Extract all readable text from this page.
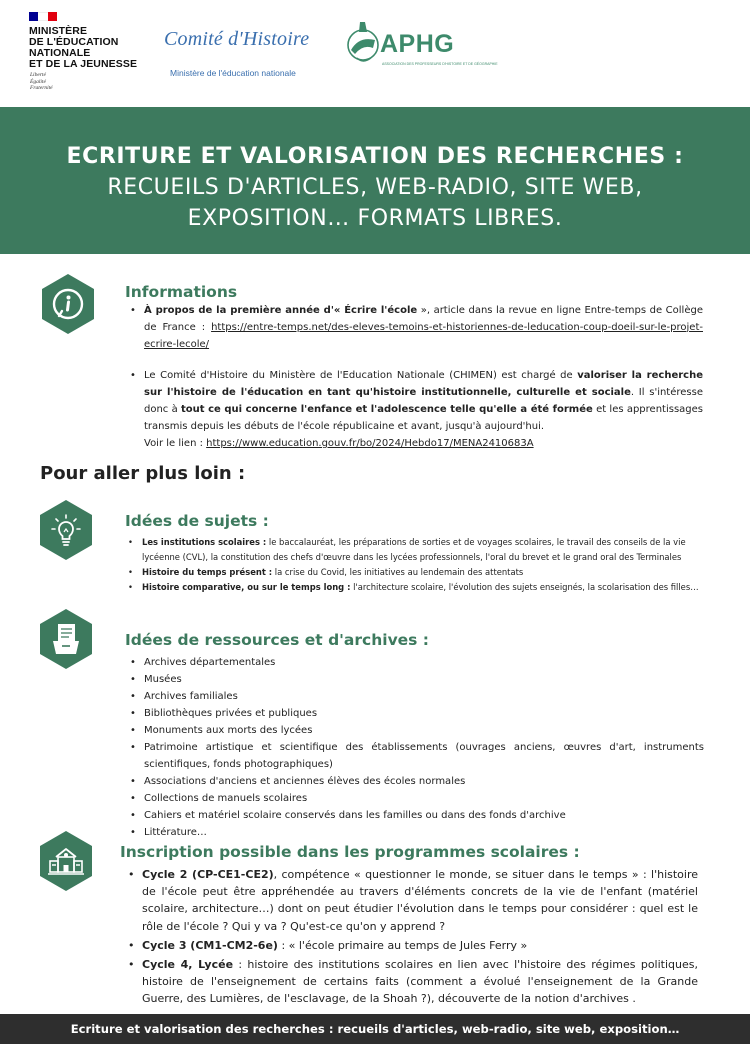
MINISTÈRE
DE L'ÉDUCATION
NATIONALE
ET DE LA JEUNESSE
Liberté
Égalité
Fraternité
Comité d'Histoire
Ministère de l'éducation nationale
APHG
ASSOCIATION DES PROFESSEURS D'HISTOIRE ET DE GÉOGRAPHIE
ECRITURE ET VALORISATION DES RECHERCHES :
RECUEILS D'ARTICLES, WEB-RADIO, SITE WEB,
EXPOSITION… FORMATS LIBRES.
Informations
• À propos de la première année d'« Écrire l'école », article dans la revue en ligne Entre-temps de Collège de France : https://entre-temps.net/des-eleves-temoins-et-historiennes-de-leducation-coup-doeil-sur-le-projet-ecrire-lecole/
• Le Comité d'Histoire du Ministère de l'Education Nationale (CHIMEN) est chargé de valoriser la recherche sur l'histoire de l'éducation en tant qu'histoire institutionnelle, culturelle et sociale. Il s'intéresse donc à tout ce qui concerne l'enfance et l'adolescence telle qu'elle a été formée et les apprentissages transmis depuis les débuts de l'école républicaine et avant, jusqu'à aujourd'hui.
Voir le lien : https://www.education.gouv.fr/bo/2024/Hebdo17/MENA2410683A
Pour aller plus loin :
Idées de sujets :
• Les institutions scolaires : le baccalauréat, les préparations de sorties et de voyages scolaires, le travail des conseils de la vie lycéenne (CVL), la constitution des chefs d'œuvre dans les lycées professionnels, l'oral du brevet et le grand oral des Terminales
• Histoire du temps présent : la crise du Covid, les initiatives au lendemain des attentats
• Histoire comparative, ou sur le temps long : l'architecture scolaire, l'évolution des sujets enseignés, la scolarisation des filles…
Idées de ressources et d'archives :
• Archives départementales
• Musées
• Archives familiales
• Bibliothèques privées et publiques
• Monuments aux morts des lycées
• Patrimoine artistique et scientifique des établissements (ouvrages anciens, œuvres d'art, instruments scientifiques, fonds photographiques)
• Associations d'anciens et anciennes élèves des écoles normales
• Collections de manuels scolaires
• Cahiers et matériel scolaire conservés dans les familles ou dans des fonds d'archive
• Littérature…
Inscription possible dans les programmes scolaires :
• Cycle 2 (CP-CE1-CE2), compétence « questionner le monde, se situer dans le temps » : l'histoire de l'école peut être appréhendée au travers d'éléments concrets de la vie de l'enfant (matériel scolaire, architecture…) dont on peut étudier l'évolution dans le temps pour considérer : quel est le rôle de l'école ? Qui y va ? Qu'est-ce qu'on y apprend ?
• Cycle 3 (CM1-CM2-6e) : « l'école primaire au temps de Jules Ferry »
• Cycle 4, Lycée : histoire des institutions scolaires en lien avec l'histoire des régimes politiques, histoire de l'enseignement de certains faits (comment a évolué l'enseignement de la Grande Guerre, des Lumières, de l'esclavage, de la Shoah ?), découverte de la notion d'archives .
Ecriture et valorisation des recherches : recueils d'articles, web-radio, site web, exposition…
